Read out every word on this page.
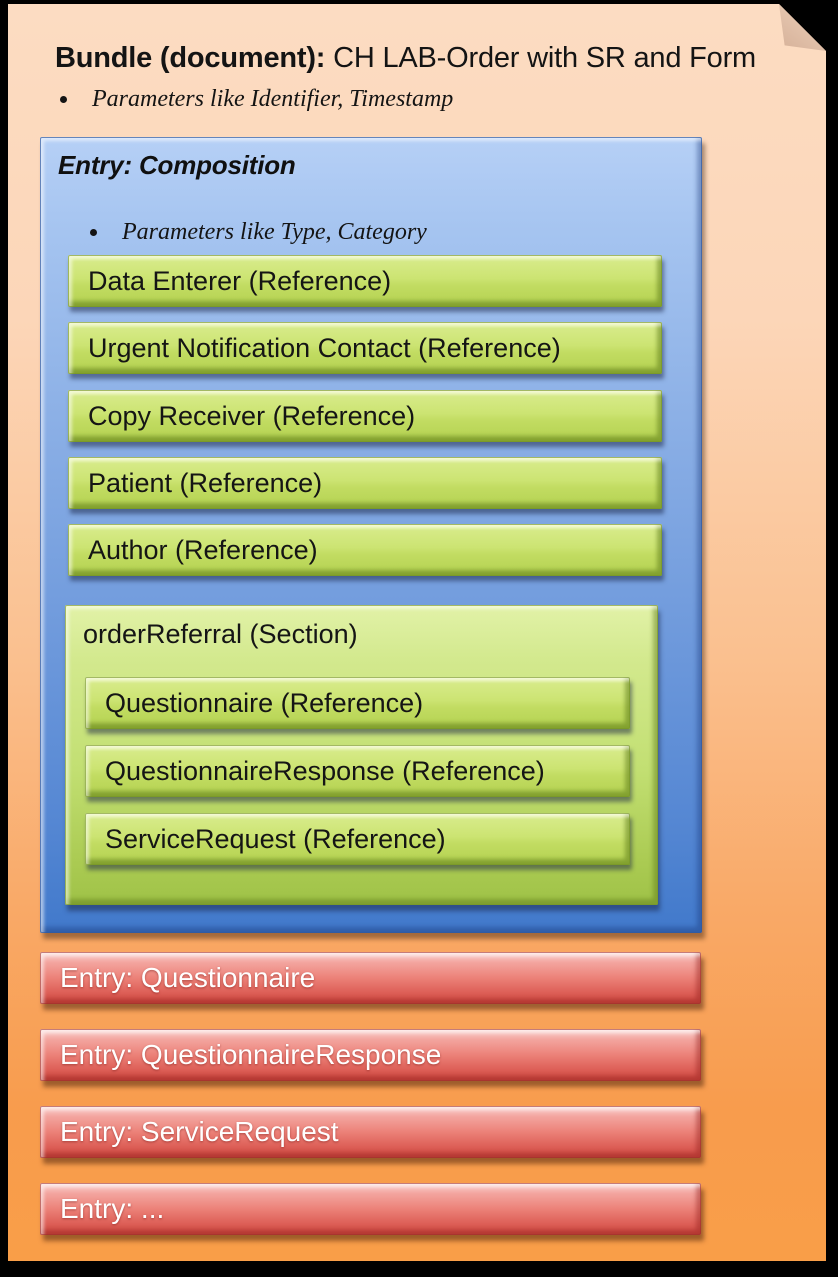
Bundle (document): CH LAB-Order with SR and Form
Parameters like Identifier, Timestamp
Entry: Composition
Parameters like Type, Category
Data Enterer (Reference)
Urgent Notification Contact (Reference)
Copy Receiver (Reference)
Patient (Reference)
Author (Reference)
orderReferral (Section)
Questionnaire (Reference)
QuestionnaireResponse (Reference)
ServiceRequest (Reference)
Entry: Questionnaire
Entry: QuestionnaireResponse
Entry: ServiceRequest
Entry: ...
